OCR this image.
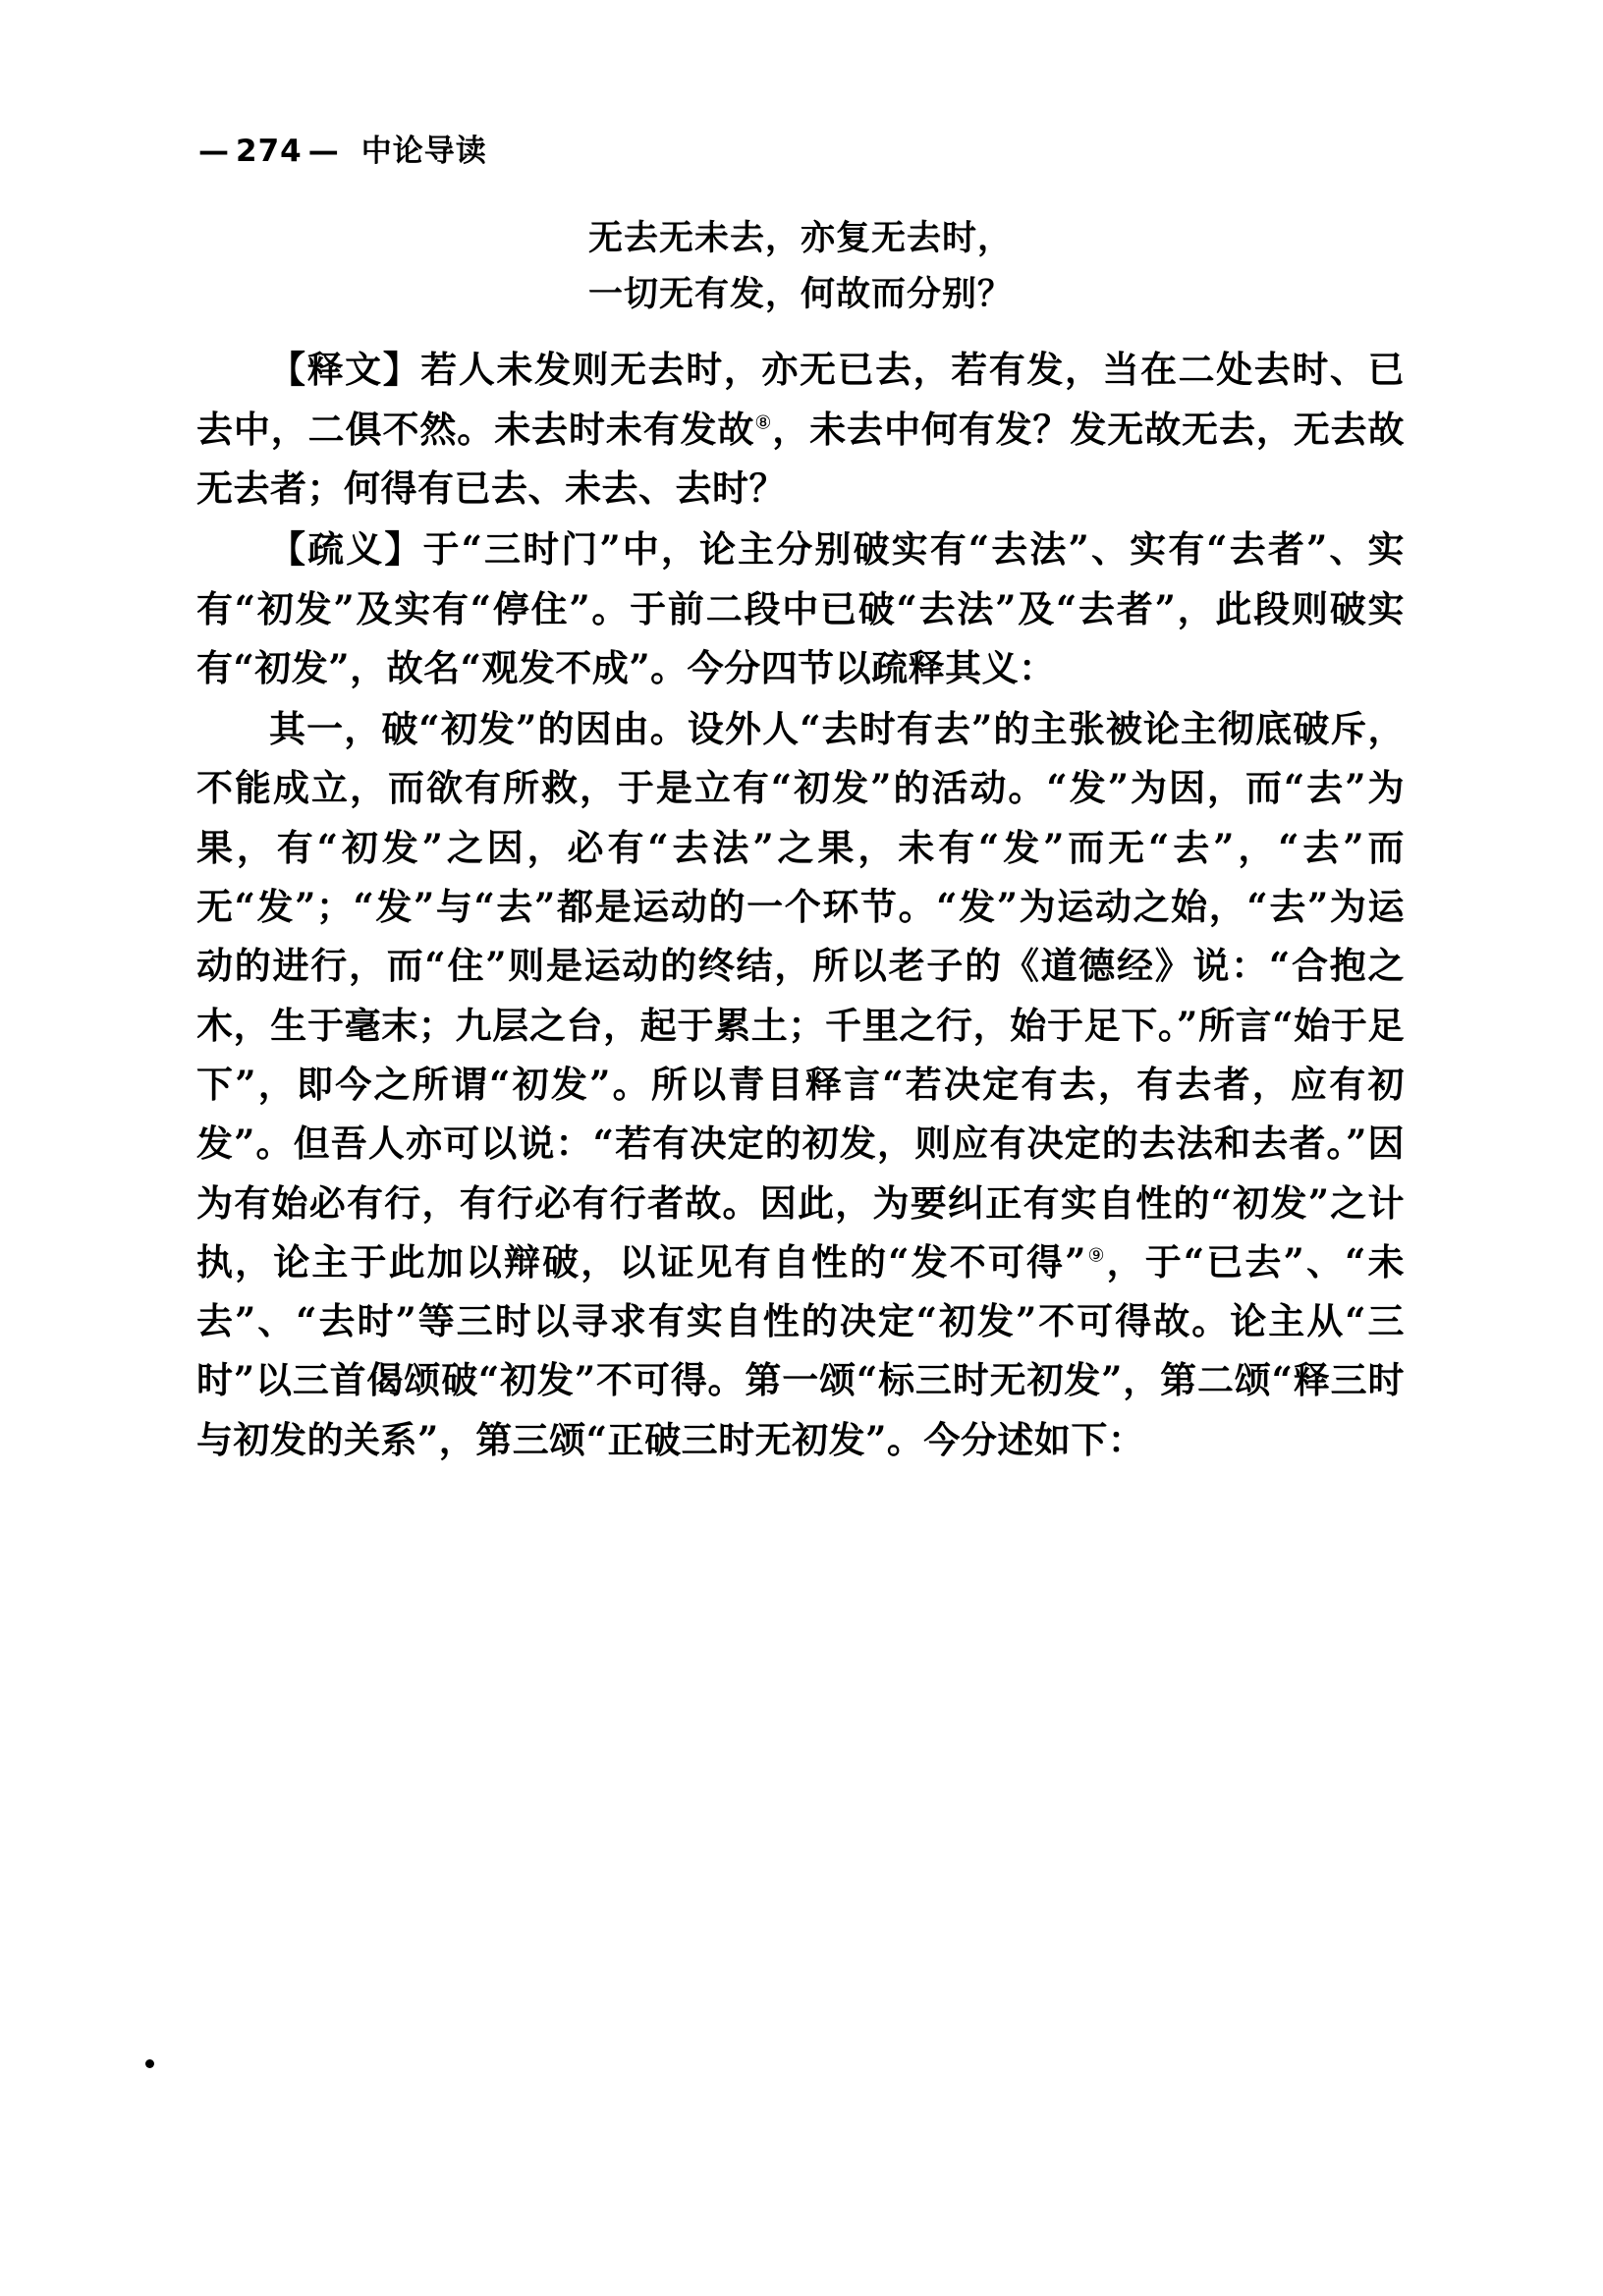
— 274 — 中论导读
无去无未去，亦复无去时，
一切无有发，何故而分别？

【释文】若人未发则无去时，亦无已去，若有发，当在二处去时、已去中，二俱不然。未去时未有发故⑧，未去中何有发？发无故无去，无去故无去者；何得有已去、未去、去时？

【疏义】于“三时门”中，论主分别破实有“去法”、实有“去者”、实有“初发”及实有“停住”。于前二段中已破“去法”及“去者”，此段则破实有“初发”，故名“观发不成”。今分四节以疏释其义：

其一，破“初发”的因由。设外人“去时有去”的主张被论主彻底破斥，不能成立，而欲有所救，于是立有“初发”的活动。“发”为因，而“去”为果，有“初发”之因，必有“去法”之果，未有“发”而无“去”，“去”而无“发”；“发”与“去”都是运动的一个环节。“发”为运动之始，“去”为运动的进行，而“住”则是运动的终结，所以老子的《道德经》说：“合抱之木，生于毫末；九层之台，起于累土；千里之行，始于足下。”所言“始于足下”，即今之所谓“初发”。所以青目释言“若决定有去，有去者，应有初发”。但吾人亦可以说：“若有决定的初发，则应有决定的去法和去者。”因为有始必有行，有行必有行者故。因此，为要纠正有实自性的“初发”之计执，论主于此加以辩破，以证见有自性的“发不可得”⑨，于“已去”、“未去”、“去时”等三时以寻求有实自性的决定“初发”不可得故。论主从“三时”以三首偈颂破“初发”不可得。第一颂“标三时无初发”，第二颂“释三时与初发的关系”，第三颂“正破三时无初发”。今分述如下：
